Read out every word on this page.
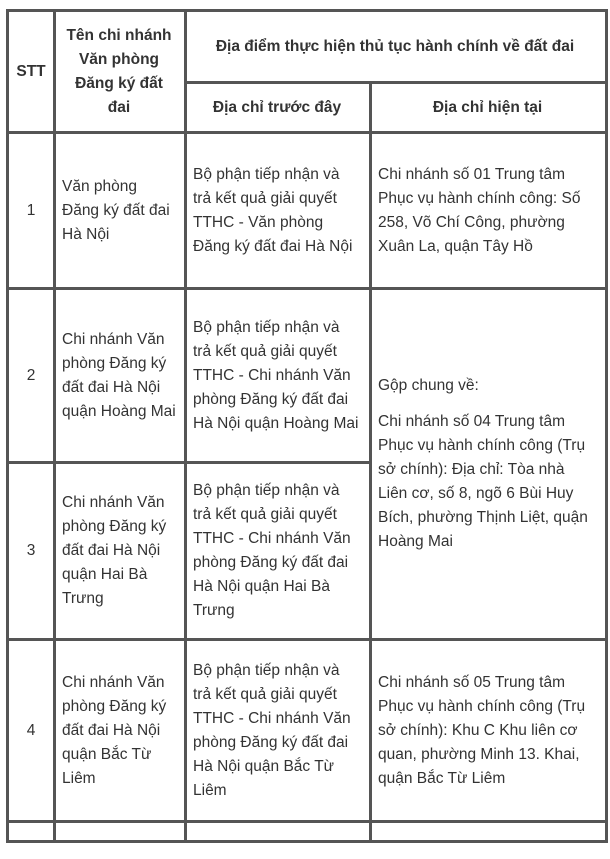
STT	Tên chi nhánh Văn phòng Đăng ký đất đai	Địa điểm thực hiện thủ tục hành chính về đất đai	
		Địa chỉ trước đây	Địa chỉ hiện tại
1	Văn phòng Đăng ký đất đai Hà Nội	Bộ phận tiếp nhận và trả kết quả giải quyết TTHC - Văn phòng Đăng ký đất đai Hà Nội	Chi nhánh số 01 Trung tâm Phục vụ hành chính công: Số 258, Võ Chí Công, phường Xuân La, quận Tây Hồ
2	Chi nhánh Văn phòng Đăng ký đất đai Hà Nội quận Hoàng Mai	Bộ phận tiếp nhận và trả kết quả giải quyết TTHC - Chi nhánh Văn phòng Đăng ký đất đai Hà Nội quận Hoàng Mai	Gộp chung về:
Chi nhánh số 04 Trung tâm Phục vụ hành chính công (Trụ sở chính): Địa chỉ: Tòa nhà Liên cơ, số 8, ngõ 6 Bùi Huy Bích, phường Thịnh Liệt, quận Hoàng Mai

3	Chi nhánh Văn phòng Đăng ký đất đai Hà Nội quận Hai Bà Trưng	Bộ phận tiếp nhận và trả kết quả giải quyết TTHC - Chi nhánh Văn phòng Đăng ký đất đai Hà Nội quận Hai Bà Trưng	
4	Chi nhánh Văn phòng Đăng ký đất đai Hà Nội quận Bắc Từ Liêm	Bộ phận tiếp nhận và trả kết quả giải quyết TTHC - Chi nhánh Văn phòng Đăng ký đất đai Hà Nội quận Bắc Từ Liêm	Chi nhánh số 05 Trung tâm Phục vụ hành chính công (Trụ sở chính): Khu C Khu liên cơ quan, phường Minh 13. Khai, quận Bắc Từ Liêm
